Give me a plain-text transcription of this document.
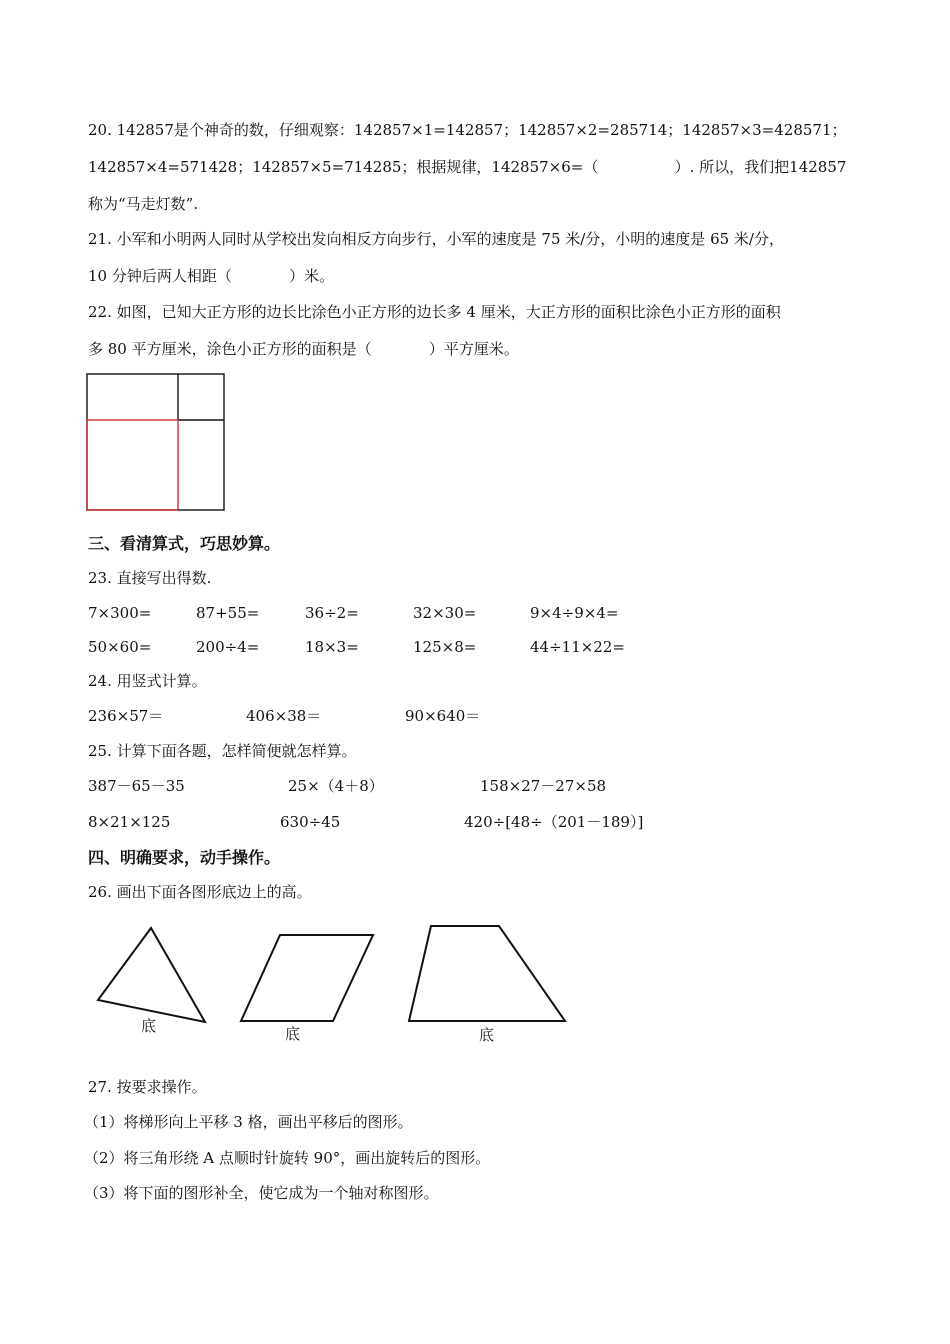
20. 142857是个神奇的数，仔细观察：142857×1=142857；142857×2=285714；142857×3=428571；
142857×4=571428；142857×5=714285；根据规律，142857×6=（                ）. 所以，我们把142857
称为“马走灯数”.
21. 小军和小明两人同时从学校出发向相反方向步行，小军的速度是 75 米/分，小明的速度是 65 米/分，
10 分钟后两人相距（            ）米。
22. 如图，已知大正方形的边长比涂色小正方形的边长多 4 厘米，大正方形的面积比涂色小正方形的面积
多 80 平方厘米，涂色小正方形的面积是（            ）平方厘米。
三、看清算式，巧思妙算。
23. 直接写出得数.
7×300=	87+55=	36÷2=	32×30=	9×4÷9×4=
50×60=	200÷4=	18×3=	125×8=	44÷11×22=
24. 用竖式计算。
236×57＝	406×38＝	90×640＝
25. 计算下面各题，怎样简便就怎样算。
387－65－35	25×（4＋8）	158×27－27×58
8×21×125	630÷45	420÷[48÷（201－189）]
四、明确要求，动手操作。
26. 画出下面各图形底边上的高。
底	底	底
27. 按要求操作。
（1）将梯形向上平移 3 格，画出平移后的图形。
（2）将三角形绕 A 点顺时针旋转 90°，画出旋转后的图形。
（3）将下面的图形补全，使它成为一个轴对称图形。
